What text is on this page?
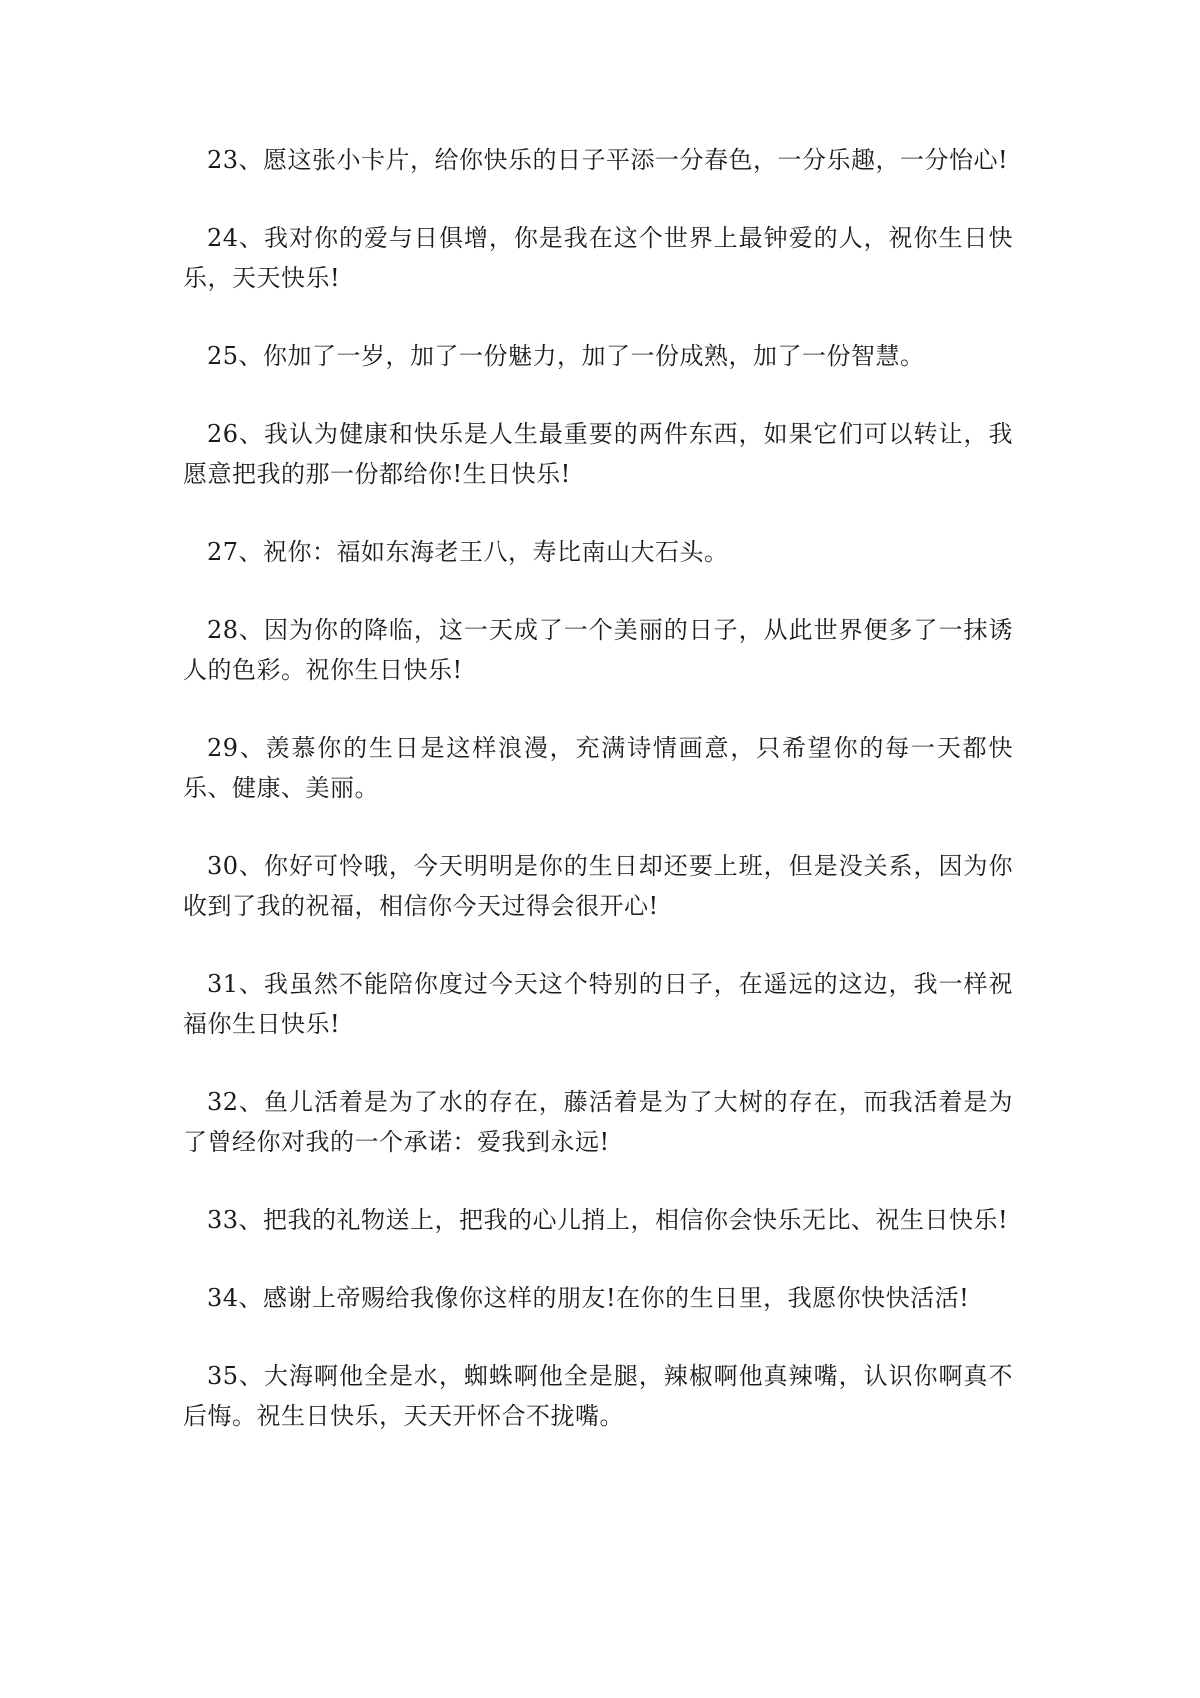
23、愿这张小卡片，给你快乐的日子平添一分春色，一分乐趣，一分怡心!

24、我对你的爱与日俱增，你是我在这个世界上最钟爱的人，祝你生日快乐，天天快乐!

25、你加了一岁，加了一份魅力，加了一份成熟，加了一份智慧。

26、我认为健康和快乐是人生最重要的两件东西，如果它们可以转让，我愿意把我的那一份都给你!生日快乐!

27、祝你：福如东海老王八，寿比南山大石头。

28、因为你的降临，这一天成了一个美丽的日子，从此世界便多了一抹诱人的色彩。祝你生日快乐!

29、羡慕你的生日是这样浪漫，充满诗情画意，只希望你的每一天都快乐、健康、美丽。

30、你好可怜哦，今天明明是你的生日却还要上班，但是没关系，因为你收到了我的祝福，相信你今天过得会很开心!

31、我虽然不能陪你度过今天这个特别的日子，在遥远的这边，我一样祝福你生日快乐!

32、鱼儿活着是为了水的存在，藤活着是为了大树的存在，而我活着是为了曾经你对我的一个承诺：爱我到永远!

33、把我的礼物送上，把我的心儿捎上，相信你会快乐无比、祝生日快乐!

34、感谢上帝赐给我像你这样的朋友!在你的生日里，我愿你快快活活!

35、大海啊他全是水，蜘蛛啊他全是腿，辣椒啊他真辣嘴，认识你啊真不后悔。祝生日快乐，天天开怀合不拢嘴。
